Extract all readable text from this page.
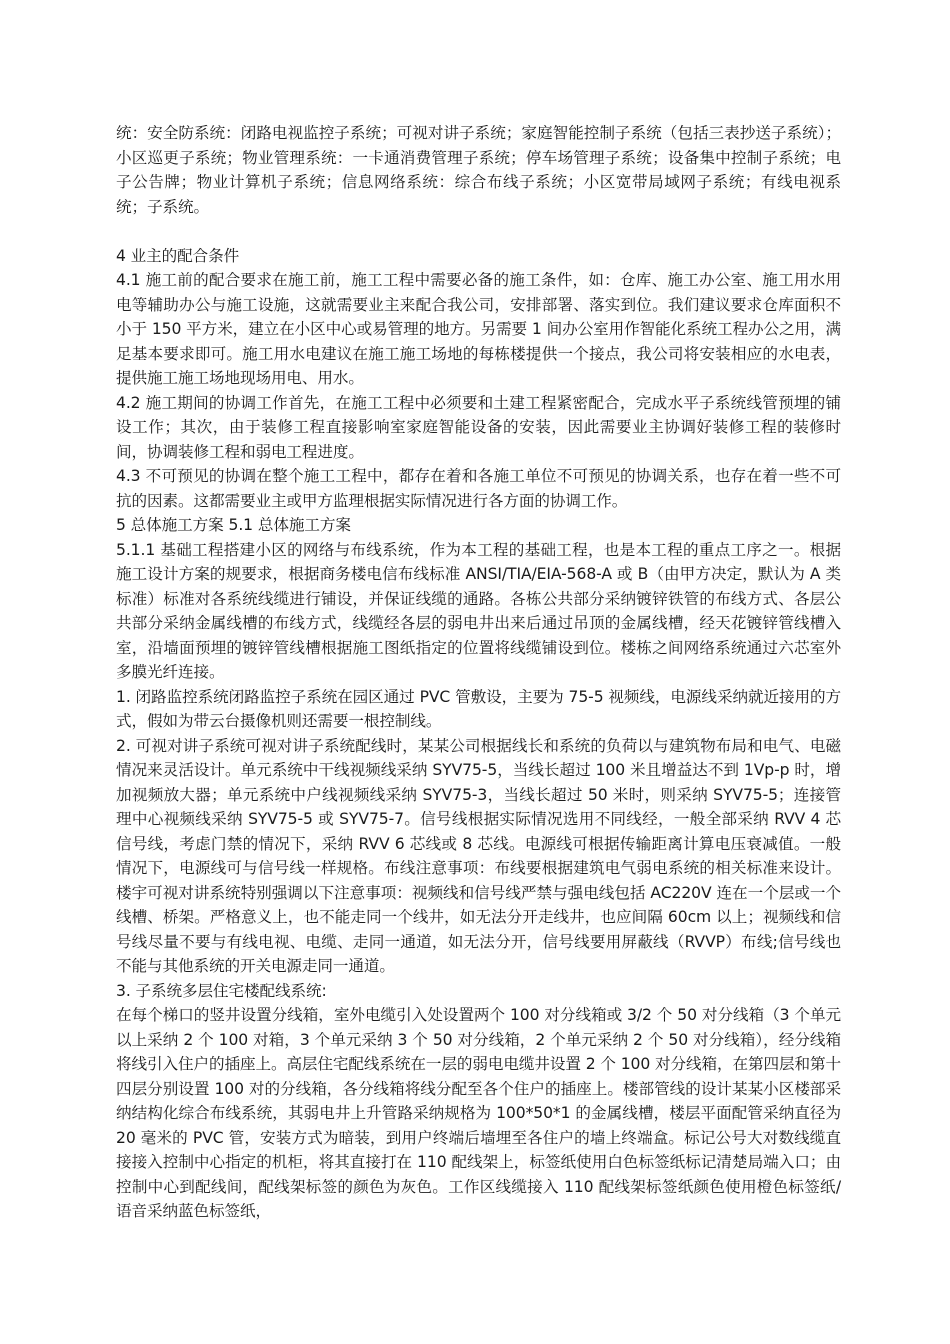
统：安全防系统：闭路电视监控子系统；可视对讲子系统；家庭智能控制子系统（包括三表抄送子系统）；小区巡更子系统；物业管理系统：一卡通消费管理子系统；停车场管理子系统；设备集中控制子系统；电子公告牌；物业计算机子系统；信息网络系统：综合布线子系统；小区宽带局域网子系统；有线电视系统；子系统。

4 业主的配合条件

4.1 施工前的配合要求在施工前，施工工程中需要必备的施工条件，如：仓库、施工办公室、施工用水用电等辅助办公与施工设施，这就需要业主来配合我公司，安排部署、落实到位。我们建议要求仓库面积不小于 150 平方米，建立在小区中心或易管理的地方。另需要 1 间办公室用作智能化系统工程办公之用，满足基本要求即可。施工用水电建议在施工施工场地的每栋楼提供一个接点，我公司将安装相应的水电表，提供施工施工场地现场用电、用水。

4.2 施工期间的协调工作首先，在施工工程中必须要和土建工程紧密配合，完成水平子系统线管预埋的铺设工作；其次，由于装修工程直接影响室家庭智能设备的安装，因此需要业主协调好装修工程的装修时间，协调装修工程和弱电工程进度。

4.3 不可预见的协调在整个施工工程中，都存在着和各施工单位不可预见的协调关系，也存在着一些不可抗的因素。这都需要业主或甲方监理根据实际情况进行各方面的协调工作。

5 总体施工方案 5.1 总体施工方案

5.1.1 基础工程搭建小区的网络与布线系统，作为本工程的基础工程，也是本工程的重点工序之一。根据施工设计方案的规要求，根据商务楼电信布线标准 ANSI/TIA/EIA-568-A 或 B（由甲方决定，默认为 A 类标准）标准对各系统线缆进行铺设，并保证线缆的通路。各栋公共部分采纳镀锌铁管的布线方式、各层公共部分采纳金属线槽的布线方式，线缆经各层的弱电井出来后通过吊顶的金属线槽，经天花镀锌管线槽入室，沿墙面预埋的镀锌管线槽根据施工图纸指定的位置将线缆铺设到位。楼栋之间网络系统通过六芯室外多膜光纤连接。

1. 闭路监控系统闭路监控子系统在园区通过 PVC 管敷设，主要为 75-5 视频线，电源线采纳就近接用的方式，假如为带云台摄像机则还需要一根控制线。

2. 可视对讲子系统可视对讲子系统配线时，某某公司根据线长和系统的负荷以与建筑物布局和电气、电磁情况来灵活设计。单元系统中干线视频线采纳 SYV75-5，当线长超过 100 米且增益达不到 1Vp-p 时，增加视频放大器；单元系统中户线视频线采纳 SYV75-3，当线长超过 50 米时，则采纳 SYV75-5；连接管理中心视频线采纳 SYV75-5 或 SYV75-7。信号线根据实际情况选用不同线经，一般全部采纳 RVV 4 芯信号线，考虑门禁的情况下，采纳 RVV 6 芯线或 8 芯线。电源线可根据传输距离计算电压衰减值。一般情况下，电源线可与信号线一样规格。布线注意事项：布线要根据建筑电气弱电系统的相关标准来设计。楼宇可视对讲系统特别强调以下注意事项：视频线和信号线严禁与强电线包括 AC220V 连在一个层或一个线槽、桥架。严格意义上，也不能走同一个线井，如无法分开走线井，也应间隔 60cm 以上；视频线和信号线尽量不要与有线电视、电缆、走同一通道，如无法分开，信号线要用屏蔽线（RVVP）布线;信号线也不能与其他系统的开关电源走同一通道。

3. 子系统多层住宅楼配线系统:

在每个梯口的竖井设置分线箱，室外电缆引入处设置两个 100 对分线箱或 3/2 个 50 对分线箱（3 个单元以上采纳 2 个 100 对箱，3 个单元采纳 3 个 50 对分线箱，2 个单元采纳 2 个 50 对分线箱），经分线箱将线引入住户的插座上。高层住宅配线系统在一层的弱电电缆井设置 2 个 100 对分线箱，在第四层和第十四层分别设置 100 对的分线箱，各分线箱将线分配至各个住户的插座上。楼部管线的设计某某小区楼部采纳结构化综合布线系统，其弱电井上升管路采纳规格为 100*50*1 的金属线槽，楼层平面配管采纳直径为 20 毫米的 PVC 管，安装方式为暗装，到用户终端后墙埋至各住户的墙上终端盒。标记公号大对数线缆直接接入控制中心指定的机柜，将其直接打在 110 配线架上，标签纸使用白色标签纸标记清楚局端入口；由控制中心到配线间，配线架标签的颜色为灰色。工作区线缆接入 110 配线架标签纸颜色使用橙色标签纸/语音采纳蓝色标签纸，
